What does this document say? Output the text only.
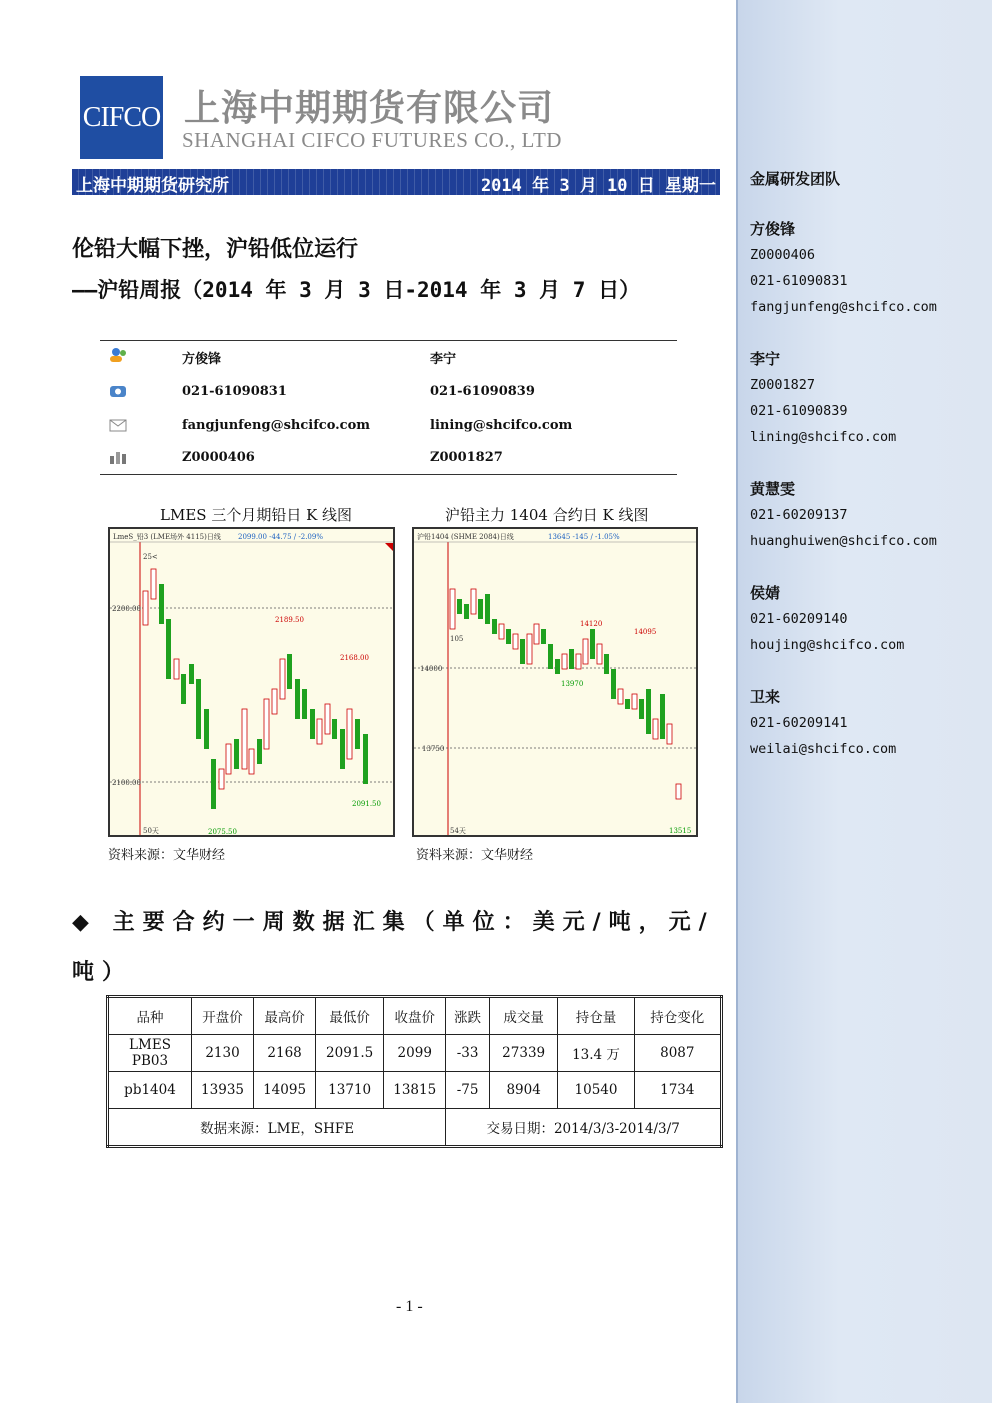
CIFCO 上海中期期货有限公司
SHANGHAI CIFCO FUTURES CO., LTD
上海中期期货研究所	2014 年 3 月 10 日 星期一
伦铅大幅下挫，沪铅低位运行
——沪铅周报（2014 年 3 月 3 日-2014 年 3 月 7 日）
方俊锋	李宁
021-61090831	021-61090839
fangjunfeng@shcifco.com	lining@shcifco.com
Z0000406	Z0001827
LMES 三个月期铅日 K 线图	沪铅主力 1404 合约日 K 线图
LmeS_铅3 (LME场外 4115)日线 2099.00 -44.75 / -2.09%
25<
2200.00
2100.00
2189.50
2168.00
2075.50
2091.50
50天
沪铅1404 (SHME 2084)日线	13645 -145 / -1.05%
105
14000
13750
14120
14095
13970
13515
54天
资料来源：文华财经	资料来源：文华财经
◆ 主要合约一周数据汇集（单位：美元/吨，元/吨）
品种	开盘价	最高价	最低价	收盘价	涨跌	成交量	持仓量	持仓变化
LMES PB03	2130	2168	2091.5	2099	-33	27339	13.4 万	8087
pb1404	13935	14095	13710	13815	-75	8904	10540	1734
数据来源：LME，SHFE					交易日期：2014/3/3-2014/3/7			
- 1 -
金属研发团队
方俊锋
Z0000406
021-61090831
fangjunfeng@shcifco.com
李宁
Z0001827
021-61090839
lining@shcifco.com
黄慧雯
021-60209137
huanghuiwen@shcifco.com
侯婧
021-60209140
houjing@shcifco.com
卫来
021-60209141
weilai@shcifco.com
